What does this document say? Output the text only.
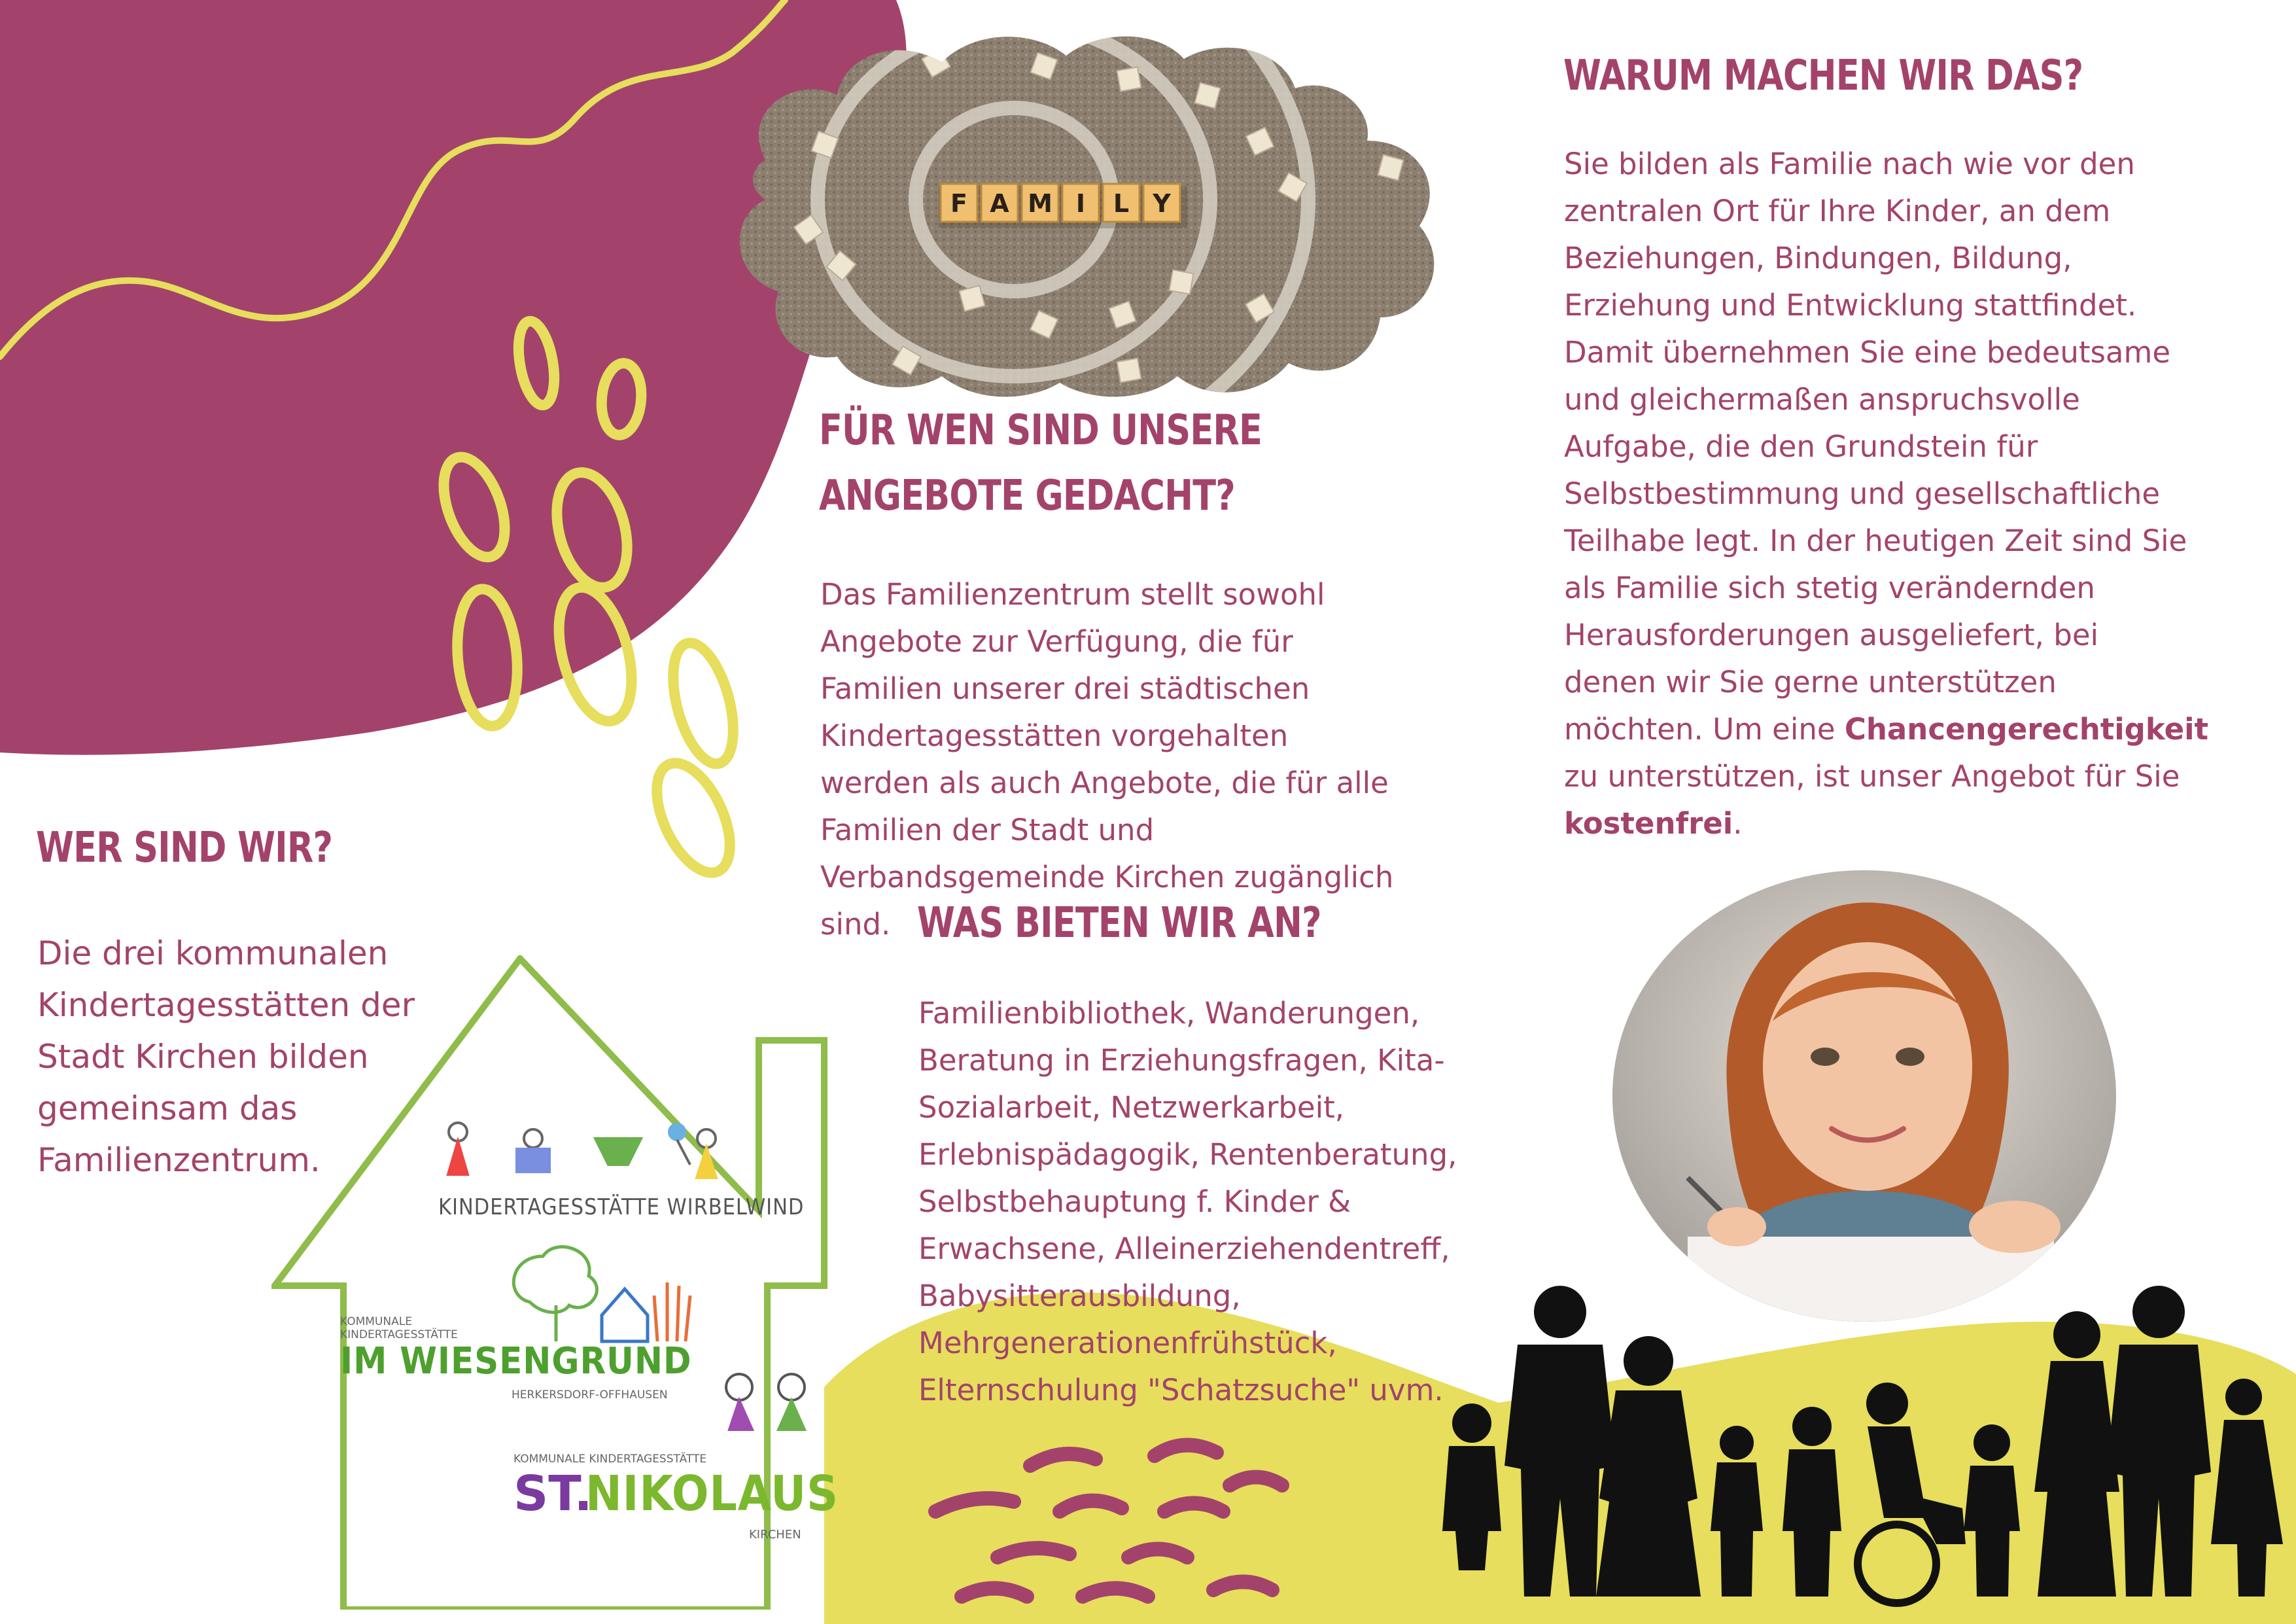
F A M I L Y
KINDERTAGESSTÄTTE WIRBELWIND
KOMMUNALE
KINDERTAGESSTÄTTE
IM WIESENGRUND
HERKERSDORF-OFFHAUSEN
KOMMUNALE KINDERTAGESSTÄTTE
ST.
NIKOLAUS
KIRCHEN
WER SIND WIR?
Die drei kommunalen
Kindertagesstätten der
Stadt Kirchen bilden
gemeinsam das
Familienzentrum.
FÜR WEN SIND UNSERE
ANGEBOTE GEDACHT?
Das Familienzentrum stellt sowohl
Angebote zur Verfügung, die für
Familien unserer drei städtischen
Kindertagesstätten vorgehalten
werden als auch Angebote, die für alle
Familien der Stadt und
Verbandsgemeinde Kirchen zugänglich
sind. WAS BIETEN WIR AN?
Familienbibliothek, Wanderungen,
Beratung in Erziehungsfragen, Kita-
Sozialarbeit, Netzwerkarbeit,
Erlebnispädagogik, Rentenberatung,
Selbstbehauptung f. Kinder &
Erwachsene, Alleinerziehendentreff,
Babysitterausbildung,
Mehrgenerationenfrühstück,
Elternschulung "Schatzsuche" uvm.
WARUM MACHEN WIR DAS?
Sie bilden als Familie nach wie vor den
zentralen Ort für Ihre Kinder, an dem
Beziehungen, Bindungen, Bildung,
Erziehung und Entwicklung stattfindet.
Damit übernehmen Sie eine bedeutsame
und gleichermaßen anspruchsvolle
Aufgabe, die den Grundstein für
Selbstbestimmung und gesellschaftliche
Teilhabe legt. In der heutigen Zeit sind Sie
als Familie sich stetig verändernden
Herausforderungen ausgeliefert, bei
denen wir Sie gerne unterstützen
möchten. Um eine Chancengerechtigkeit
zu unterstützen, ist unser Angebot für Sie
kostenfrei.
